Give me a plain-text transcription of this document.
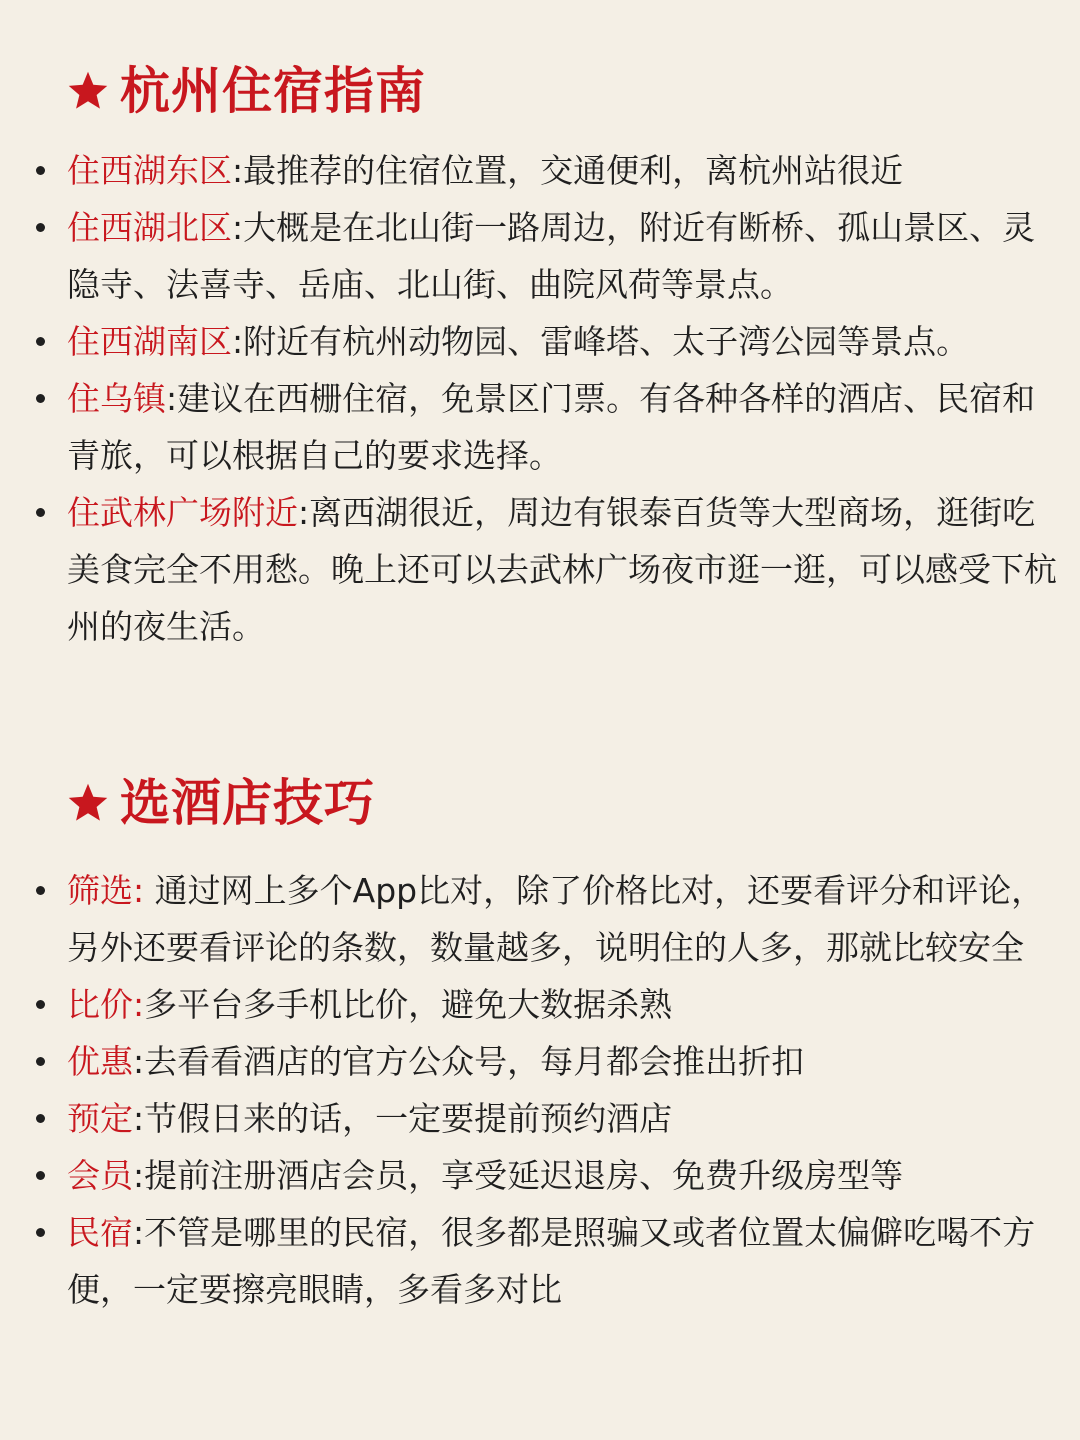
杭州住宿指南
住西湖东区:最推荐的住宿位置，交通便利，离杭州站很近
住西湖北区:大概是在北山街一路周边，附近有断桥、孤山景区、灵隐寺、法喜寺、岳庙、北山街、曲院风荷等景点。
住西湖南区:附近有杭州动物园、雷峰塔、太子湾公园等景点。
住乌镇:建议在西栅住宿，免景区门票。有各种各样的酒店、民宿和青旅，可以根据自己的要求选择。
住武林广场附近:离西湖很近，周边有银泰百货等大型商场，逛街吃美食完全不用愁。晚上还可以去武林广场夜市逛一逛，可以感受下杭州的夜生活。
选酒店技巧
筛选: 通过网上多个App比对，除了价格比对，还要看评分和评论，另外还要看评论的条数，数量越多，说明住的人多，那就比较安全
比价:多平台多手机比价，避免大数据杀熟
优惠:去看看酒店的官方公众号，每月都会推出折扣
预定:节假日来的话，一定要提前预约酒店
会员:提前注册酒店会员，享受延迟退房、免费升级房型等
民宿:不管是哪里的民宿，很多都是照骗又或者位置太偏僻吃喝不方便，一定要擦亮眼睛，多看多对比
